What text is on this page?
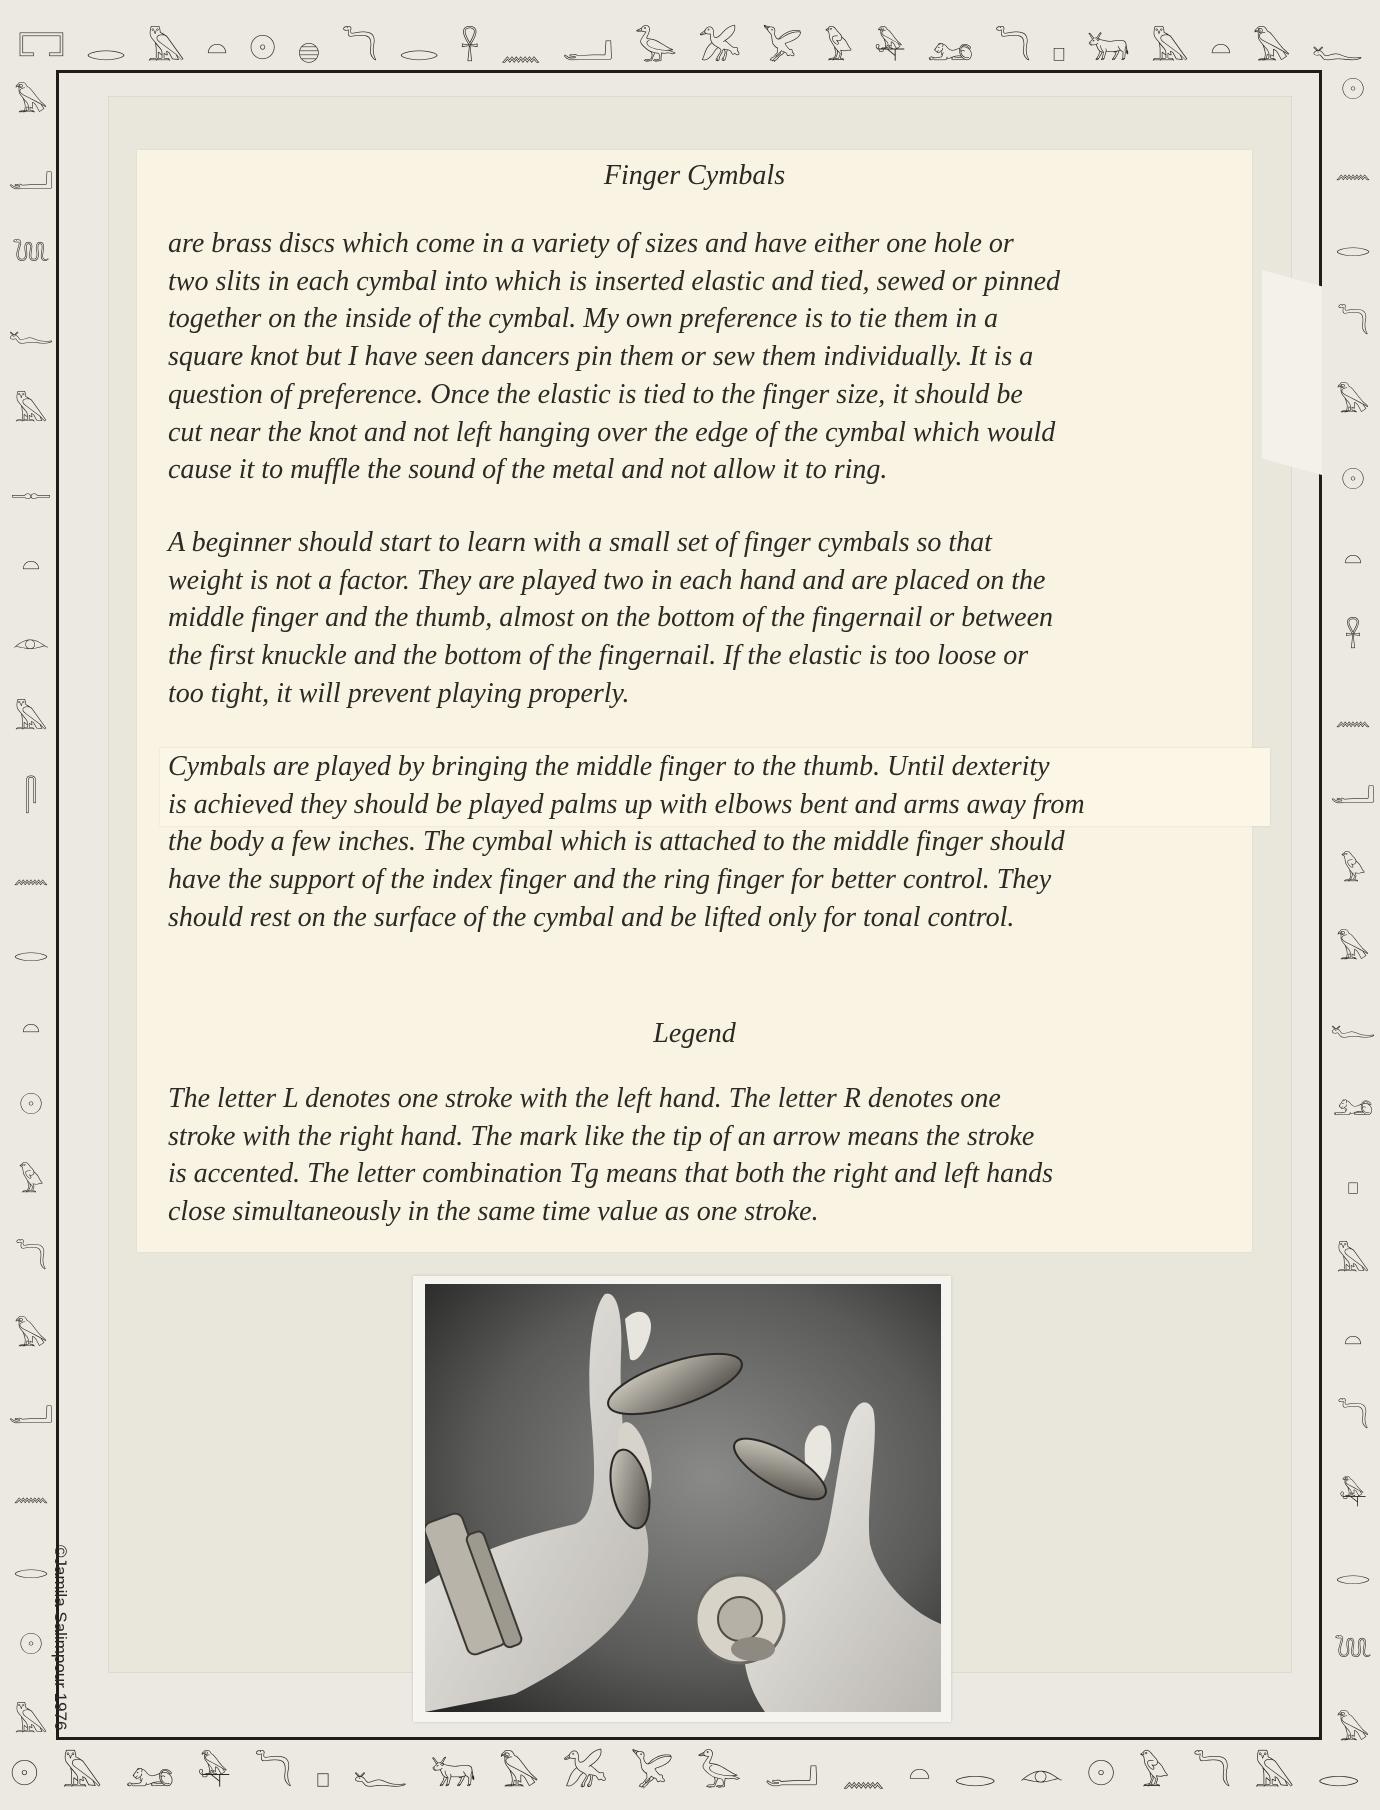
𓉐 𓂋 𓅓 𓏏 𓇳 𓐍 𓆓 𓂋 𓋹 𓈖 𓂝 𓅭 𓅮 𓅯 𓅱 𓅆 𓃭 𓆓 𓊪 𓃒 𓅓 𓏏 𓅃 𓆑
𓅃
𓂝
𓆙
𓆑
𓅓
𓊃
𓏏
𓁹
𓅓
𓋴
𓈖
𓂋
𓏏
𓇳
𓅱
𓆓
𓅃
𓂝
𓈖
𓂋
𓇳
𓅓
𓇳
𓈖
𓂋
𓆓
𓅃
𓇳
𓏏
𓋹
𓈖
𓂝
𓅱
𓅃
𓆑
𓃭
𓊪
𓅓
𓏏
𓆓
𓅆
𓂋
𓆙
𓅃
Finger Cymbals

are brass discs which come in a variety of sizes and have either one hole or
two slits in each cymbal into which is inserted elastic and tied, sewed or pinned
together on the inside of the cymbal. My own preference is to tie them in a
square knot but I have seen dancers pin them or sew them individually. It is a
question of preference. Once the elastic is tied to the finger size, it should be
cut near the knot and not left hanging over the edge of the cymbal which would
cause it to muffle the sound of the metal and not allow it to ring.

A beginner should start to learn with a small set of finger cymbals so that
weight is not a factor. They are played two in each hand and are placed on the
middle finger and the thumb, almost on the bottom of the fingernail or between
the first knuckle and the bottom of the fingernail. If the elastic is too loose or
too tight, it will prevent playing properly.

Cymbals are played by bringing the middle finger to the thumb. Until dexterity
is achieved they should be played palms up with elbows bent and arms away from
the body a few inches. The cymbal which is attached to the middle finger should
have the support of the index finger and the ring finger for better control. They
should rest on the surface of the cymbal and be lifted only for tonal control.

Legend

The letter L denotes one stroke with the left hand. The letter R denotes one
stroke with the right hand. The mark like the tip of an arrow means the stroke
is accented. The letter combination Tg means that both the right and left hands
close simultaneously in the same time value as one stroke.

©Jamila Salimpour 1976
𓇳 𓅓 𓃭 𓅆 𓆓 𓊪 𓆑 𓃒 𓅃 𓅮 𓅯 𓅭 𓂝 𓈖 𓏏 𓂋 𓁹 𓇳 𓅱 𓆓 𓅓 𓂋
